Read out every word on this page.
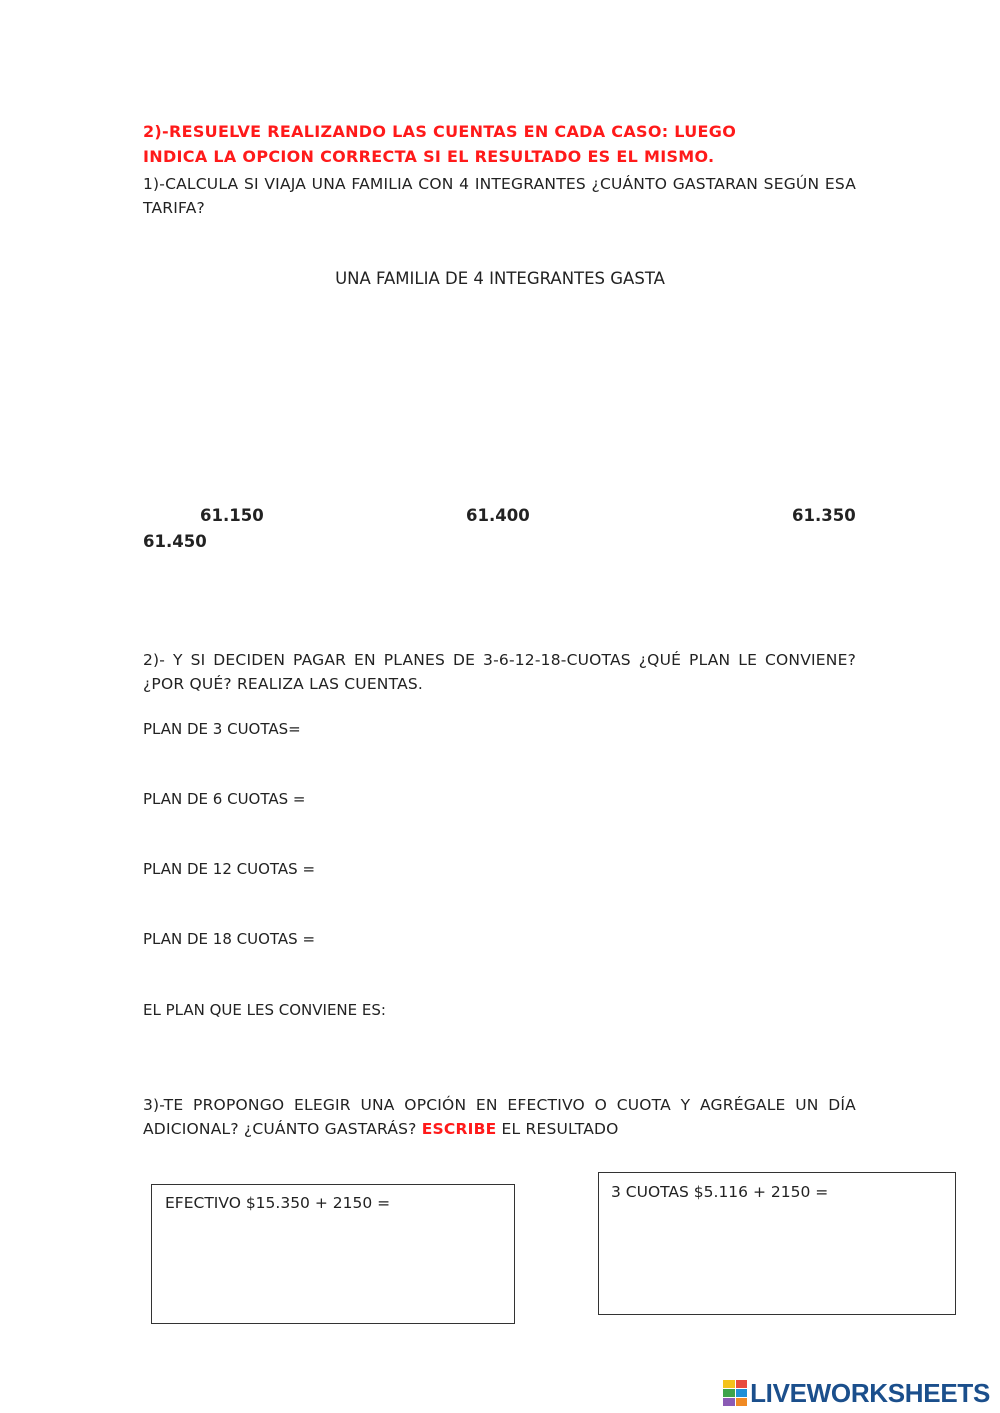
2)-RESUELVE REALIZANDO LAS CUENTAS EN CADA CASO: LUEGO
INDICA LA OPCION CORRECTA SI EL RESULTADO ES EL MISMO.
1)-CALCULA SI VIAJA UNA FAMILIA CON 4 INTEGRANTES ¿CUÁNTO GASTARAN SEGÚN ESA TARIFA?
UNA FAMILIA DE 4 INTEGRANTES GASTA
61.150	61.400	61.350
61.450
2)- Y SI DECIDEN PAGAR EN PLANES DE 3-6-12-18-CUOTAS ¿QUÉ PLAN LE CONVIENE? ¿POR QUÉ? REALIZA LAS CUENTAS.
PLAN DE 3 CUOTAS=
PLAN DE 6 CUOTAS =
PLAN DE 12 CUOTAS =
PLAN DE 18 CUOTAS =
EL PLAN QUE LES CONVIENE ES:
3)-TE PROPONGO ELEGIR UNA OPCIÓN EN EFECTIVO O CUOTA Y AGRÉGALE UN DÍA ADICIONAL? ¿CUÁNTO GASTARÁS? ESCRIBE EL RESULTADO
EFECTIVO $15.350 + 2150 =
3 CUOTAS $5.116 + 2150 =
LIVEWORKSHEETS
